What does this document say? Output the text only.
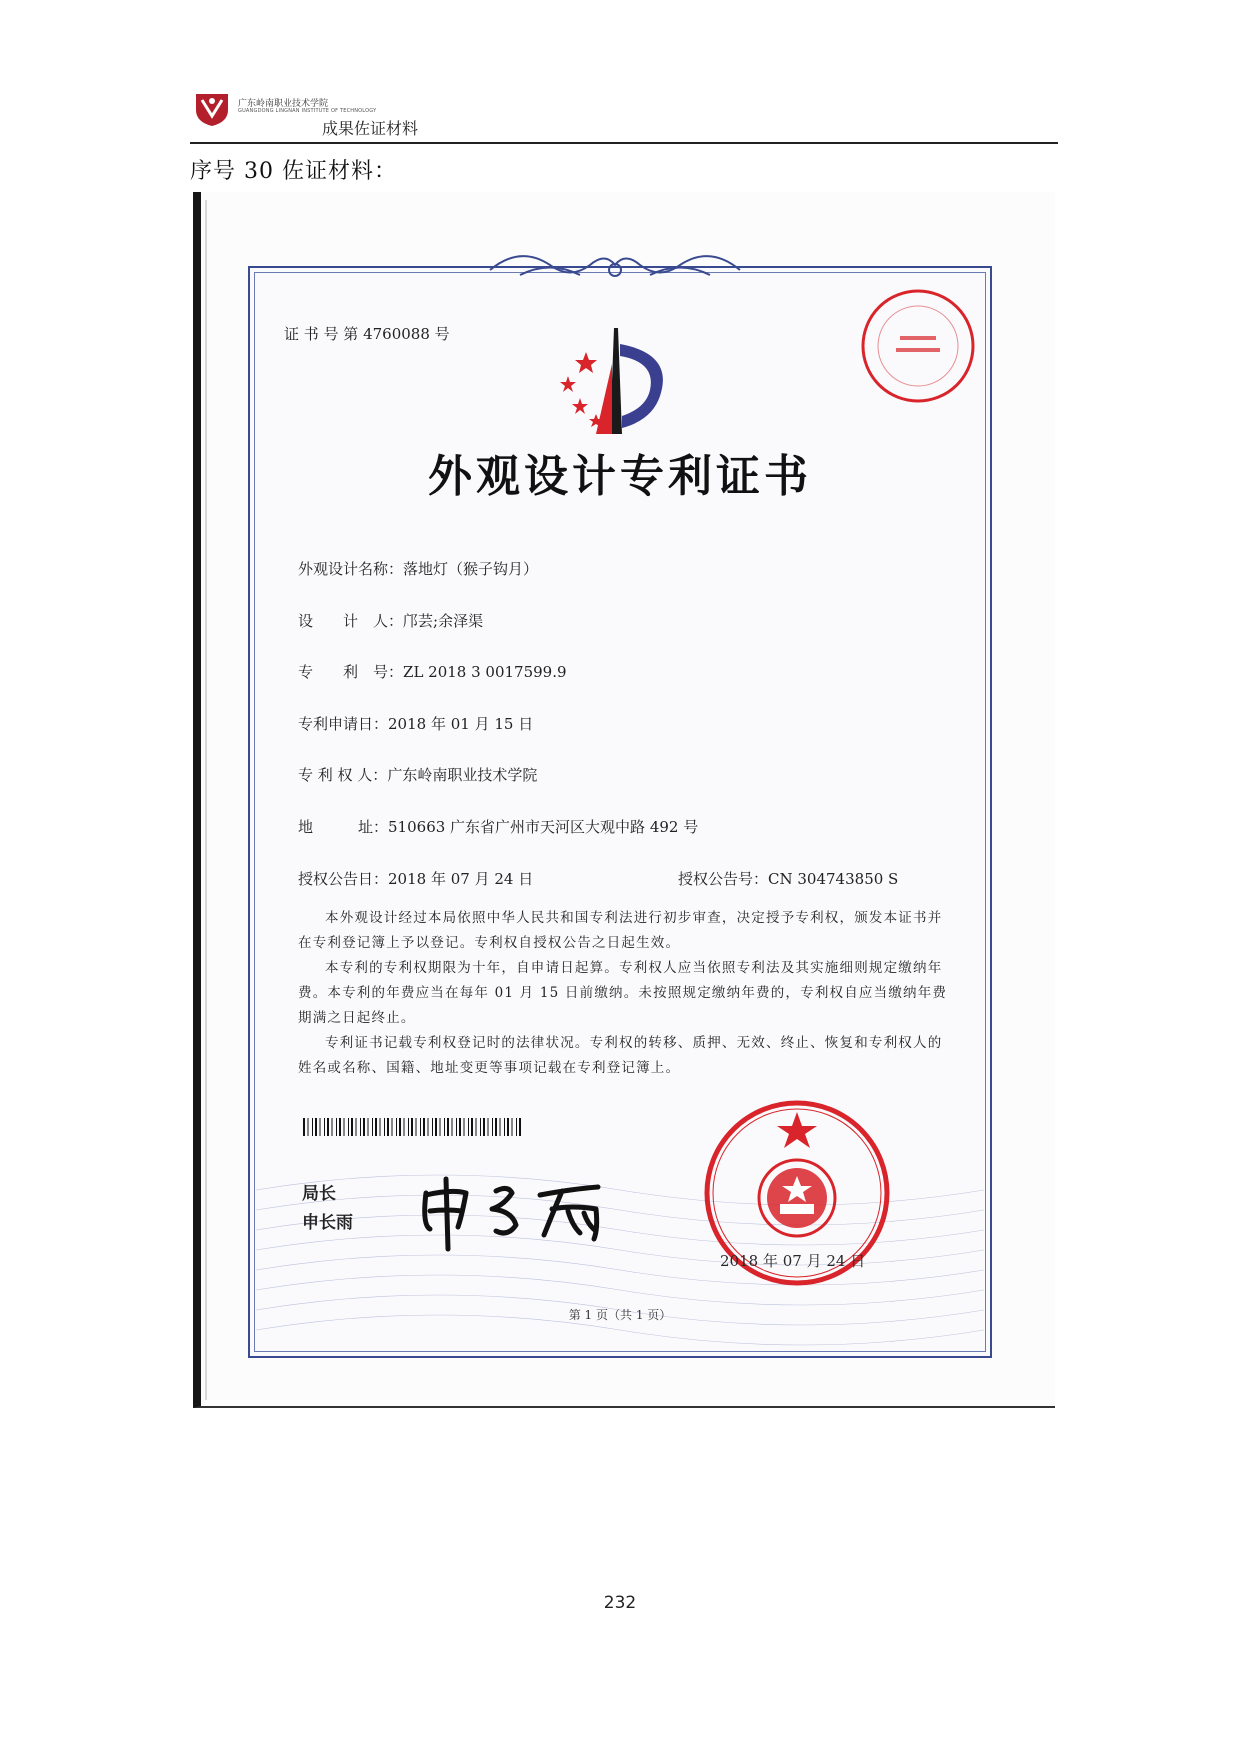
广东岭南职业技术学院
GUANGDONG LINGNAN INSTITUTE OF TECHNOLOGY
成果佐证材料
序号 30 佐证材料：
证 书 号 第 4760088 号
外观设计专利证书
外观设计名称：落地灯（猴子钩月）
设　　计　人：邝芸;余泽渠
专　　利　号：ZL 2018 3 0017599.9
专利申请日：2018 年 01 月 15 日
专 利 权 人：广东岭南职业技术学院
地　　　址：510663 广东省广州市天河区大观中路 492 号
授权公告日：2018 年 07 月 24 日	授权公告号：CN 304743850 S

本外观设计经过本局依照中华人民共和国专利法进行初步审查，决定授予专利权，颁发本证书并在专利登记簿上予以登记。专利权自授权公告之日起生效。

本专利的专利权期限为十年，自申请日起算。专利权人应当依照专利法及其实施细则规定缴纳年费。本专利的年费应当在每年 01 月 15 日前缴纳。未按照规定缴纳年费的，专利权自应当缴纳年费期满之日起终止。

专利证书记载专利权登记时的法律状况。专利权的转移、质押、无效、终止、恢复和专利权人的姓名或名称、国籍、地址变更等事项记载在专利登记簿上。

局长
申长雨
2018 年 07 月 24 日
第 1 页（共 1 页）
232
